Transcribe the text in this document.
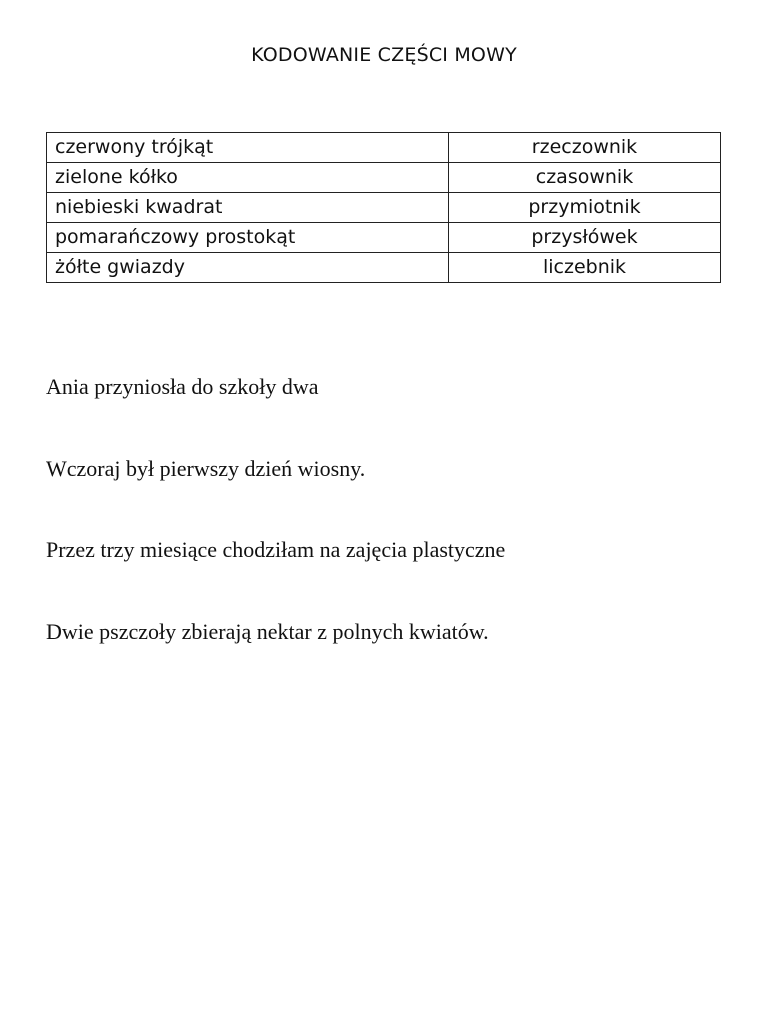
KODOWANIE CZĘŚCI MOWY
czerwony trójkąt	rzeczownik
zielone kółko	czasownik
niebieski kwadrat	przymiotnik
pomarańczowy prostokąt	przysłówek
żółte gwiazdy	liczebnik
Ania przyniosła do szkoły dwa
Wczoraj był pierwszy dzień wiosny.
Przez trzy miesiące chodziłam na zajęcia plastyczne
Dwie pszczoły zbierają nektar z polnych kwiatów.
